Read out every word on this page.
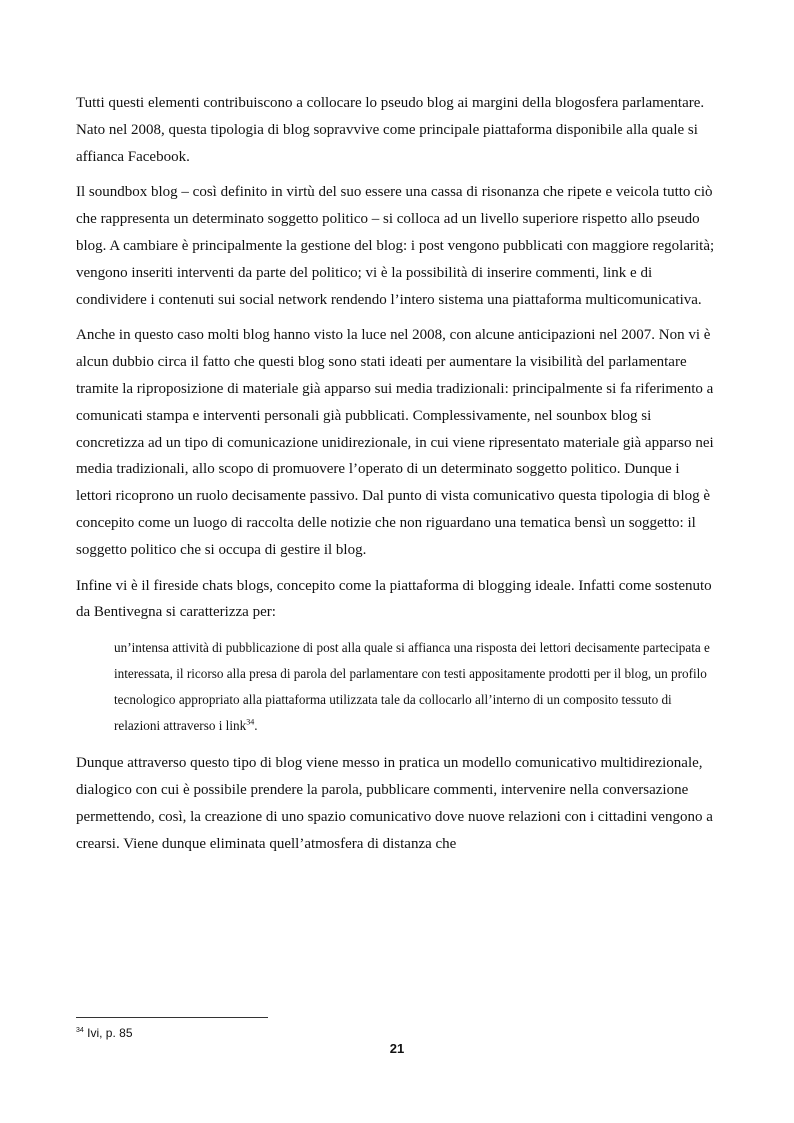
Tutti questi elementi contribuiscono a collocare lo pseudo blog ai margini della blogosfera parlamentare. Nato nel 2008, questa tipologia di blog sopravvive come principale piattaforma disponibile alla quale si affianca Facebook.

Il soundbox blog – così definito in virtù del suo essere una cassa di risonanza che ripete e veicola tutto ciò che rappresenta un determinato soggetto politico – si colloca ad un livello superiore rispetto allo pseudo blog. A cambiare è principalmente la gestione del blog: i post vengono pubblicati con maggiore regolarità; vengono inseriti interventi da parte del politico; vi è la possibilità di inserire commenti, link e di condividere i contenuti sui social network rendendo l’intero sistema una piattaforma multicomunicativa.

Anche in questo caso molti blog hanno visto la luce nel 2008, con alcune anticipazioni nel 2007. Non vi è alcun dubbio circa il fatto che questi blog sono stati ideati per aumentare la visibilità del parlamentare tramite la riproposizione di materiale già apparso sui media tradizionali: principalmente si fa riferimento a comunicati stampa e interventi personali già pubblicati. Complessivamente, nel sounbox blog si concretizza ad un tipo di comunicazione unidirezionale, in cui viene ripresentato materiale già apparso nei media tradizionali, allo scopo di promuovere l’operato di un determinato soggetto politico. Dunque i lettori ricoprono un ruolo decisamente passivo. Dal punto di vista comunicativo questa tipologia di blog è concepito come un luogo di raccolta delle notizie che non riguardano una tematica bensì un soggetto: il soggetto politico che si occupa di gestire il blog.

Infine vi è il fireside chats blogs, concepito come la piattaforma di blogging ideale. Infatti come sostenuto da Bentivegna si caratterizza per:

un’intensa attività di pubblicazione di post alla quale si affianca una risposta dei lettori decisamente partecipata e interessata, il ricorso alla presa di parola del parlamentare con testi appositamente prodotti per il blog, un profilo tecnologico appropriato alla piattaforma utilizzata tale da collocarlo all’interno di un composito tessuto di relazioni attraverso i link$^{34}$.

Dunque attraverso questo tipo di blog viene messo in pratica un modello comunicativo multidirezionale, dialogico con cui è possibile prendere la parola, pubblicare commenti, intervenire nella conversazione permettendo, così, la creazione di uno spazio comunicativo dove nuove relazioni con i cittadini vengono a crearsi. Viene dunque eliminata quell’atmosfera di distanza che

$^{34}$ Ivi, p. 85
21
